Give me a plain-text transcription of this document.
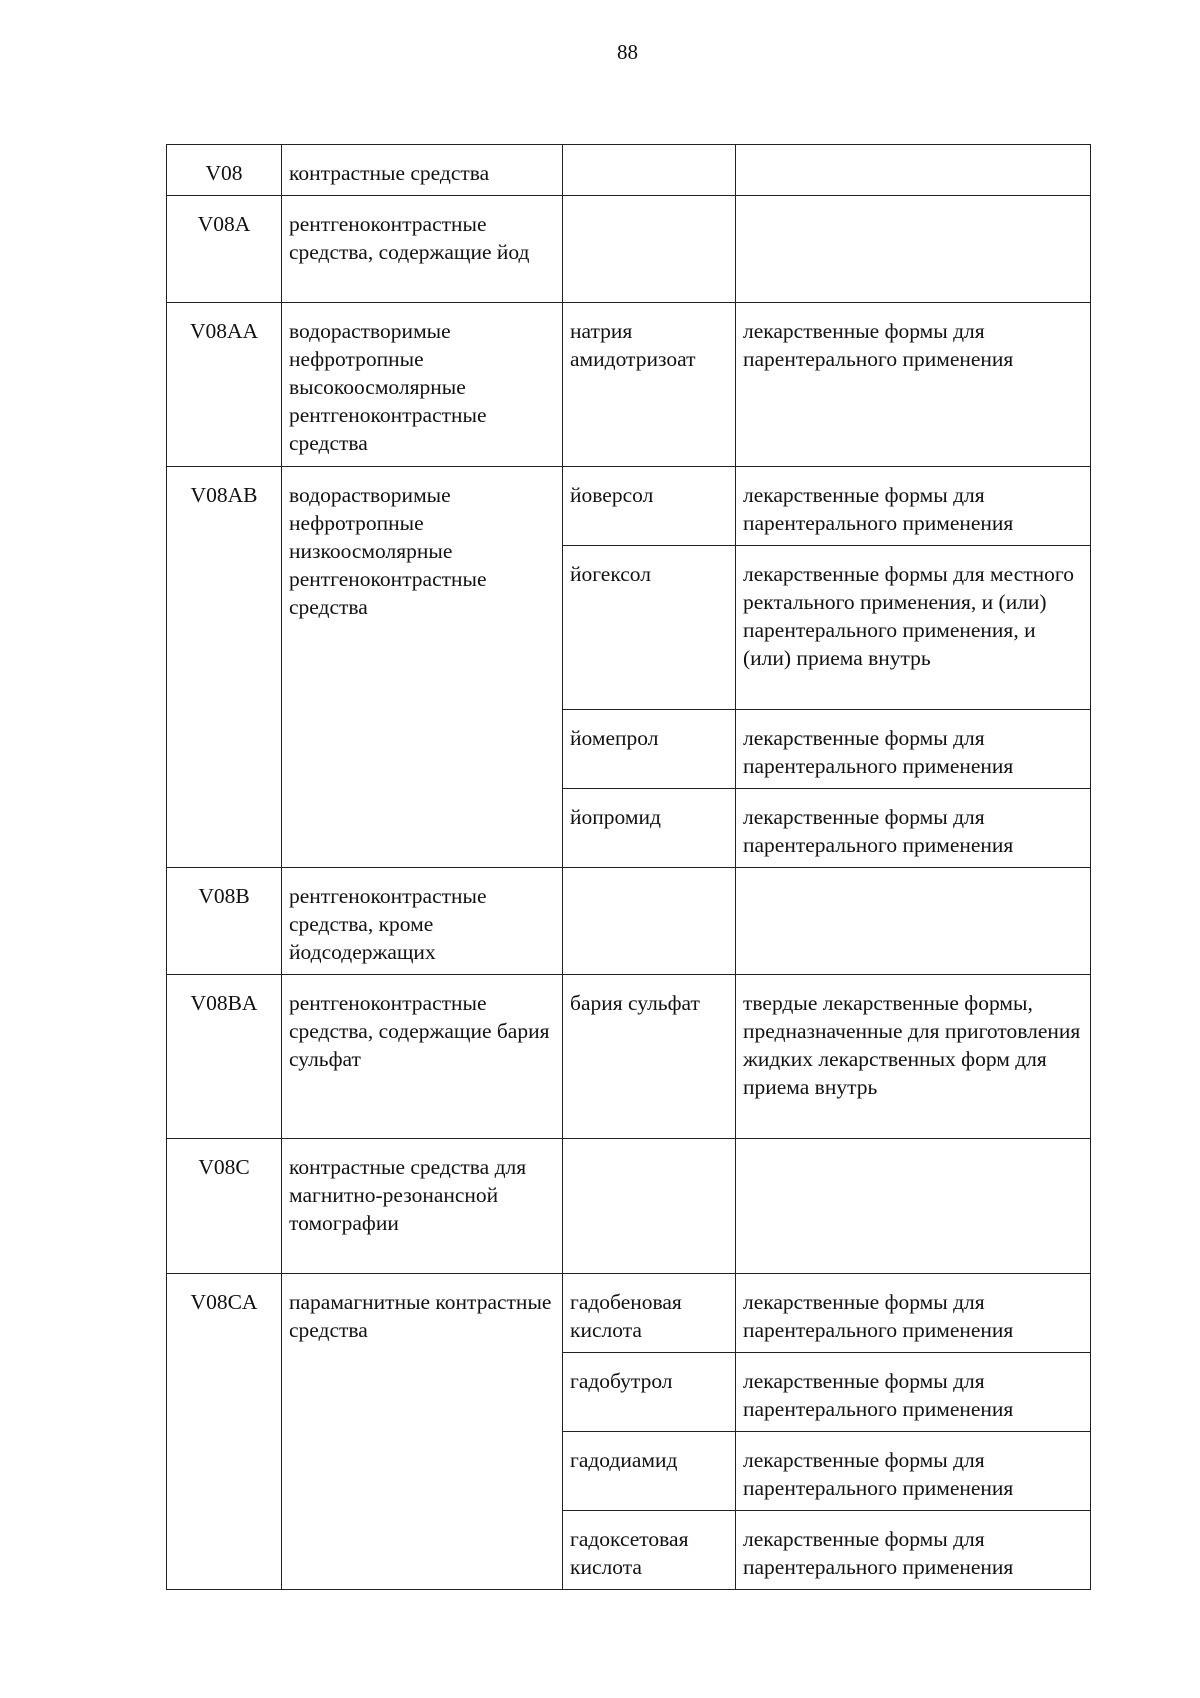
88
V08	контрастные средства		
V08A	рентгеноконтрастные средства, содержащие йод		
V08AA	водорастворимые нефротропные высокоосмолярные рентгеноконтрастные средства	натрия амидотризоат	лекарственные формы для парентерального применения
V08AB	водорастворимые нефротропные низкоосмолярные рентгеноконтрастные средства	йоверсол	лекарственные формы для парентерального применения
		йогексол	лекарственные формы для местного ректального применения, и (или) парентерального применения, и (или) приема внутрь
		йомепрол	лекарственные формы для парентерального применения
		йопромид	лекарственные формы для парентерального применения
V08B	рентгеноконтрастные средства, кроме йодсодержащих		
V08BA	рентгеноконтрастные средства, содержащие бария сульфат	бария сульфат	твердые лекарственные формы, предназначенные для приготовления жидких лекарственных форм для приема внутрь
V08C	контрастные средства для магнитно-резонансной томографии		
V08CA	парамагнитные контрастные средства	гадобеновая кислота	лекарственные формы для парентерального применения
		гадобутрол	лекарственные формы для парентерального применения
		гадодиамид	лекарственные формы для парентерального применения
		гадоксетовая кислота	лекарственные формы для парентерального применения
